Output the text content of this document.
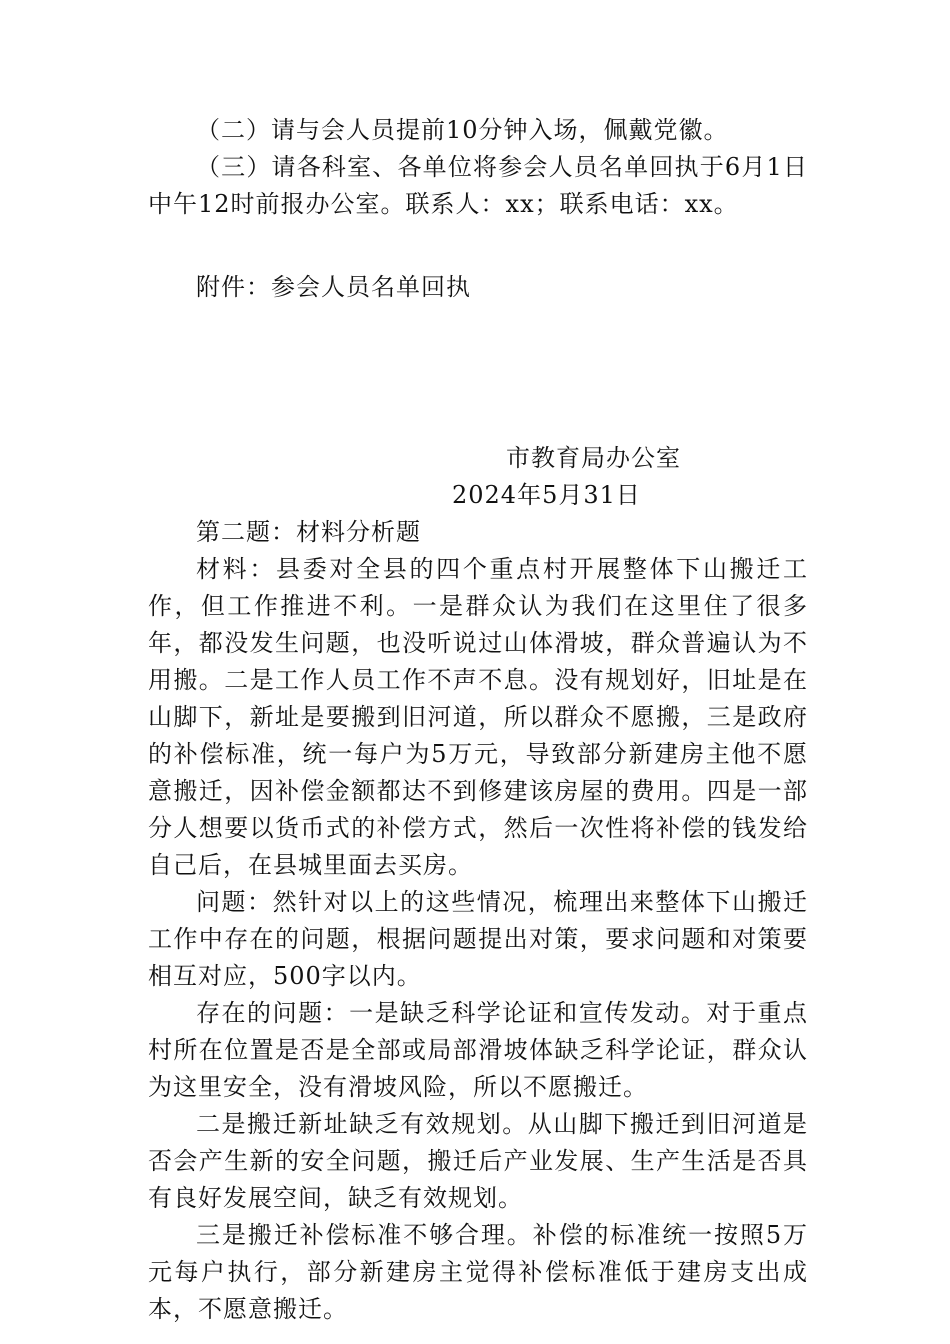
（二）请与会人员提前10分钟入场，佩戴党徽。

（三）请各科室、各单位将参会人员名单回执于6月1日中午12时前报办公室。联系人：xx；联系电话：xx。

附件：参会人员名单回执

市教育局办公室

2024年5月31日

第二题：材料分析题

材料：县委对全县的四个重点村开展整体下山搬迁工作，但工作推进不利。一是群众认为我们在这里住了很多年，都没发生问题，也没听说过山体滑坡，群众普遍认为不用搬。二是工作人员工作不声不息。没有规划好，旧址是在山脚下，新址是要搬到旧河道，所以群众不愿搬，三是政府的补偿标准，统一每户为5万元，导致部分新建房主他不愿意搬迁，因补偿金额都达不到修建该房屋的费用。四是一部分人想要以货币式的补偿方式，然后一次性将补偿的钱发给自己后，在县城里面去买房。

问题：然针对以上的这些情况，梳理出来整体下山搬迁工作中存在的问题，根据问题提出对策，要求问题和对策要相互对应，500字以内。

存在的问题：一是缺乏科学论证和宣传发动。对于重点村所在位置是否是全部或局部滑坡体缺乏科学论证，群众认为这里安全，没有滑坡风险，所以不愿搬迁。

二是搬迁新址缺乏有效规划。从山脚下搬迁到旧河道是否会产生新的安全问题，搬迁后产业发展、生产生活是否具有良好发展空间，缺乏有效规划。

三是搬迁补偿标准不够合理。补偿的标准统一按照5万元每户执行，部分新建房主觉得补偿标准低于建房支出成本，不愿意搬迁。
